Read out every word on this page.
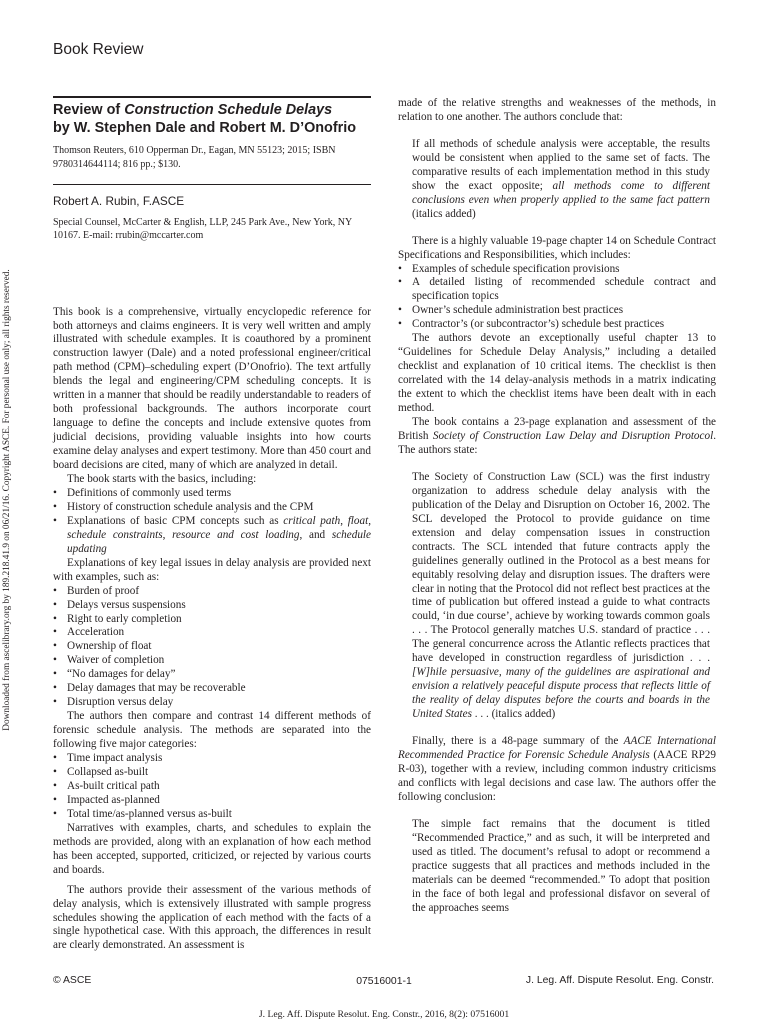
Book Review
Downloaded from ascelibrary.org by 189.218.41.9 on 06/21/16. Copyright ASCE. For personal use only; all rights reserved.
Review of Construction Schedule Delays
by W. Stephen Dale and Robert M. D’Onofrio
Thomson Reuters, 610 Opperman Dr., Eagan, MN 55123; 2015; ISBN 9780314644114; 816 pp.; $130.
Robert A. Rubin, F.ASCE
Special Counsel, McCarter & English, LLP, 245 Park Ave., New York, NY 10167. E-mail: rrubin@mccarter.com

This book is a comprehensive, virtually encyclopedic reference for both attorneys and claims engineers. It is very well written and amply illustrated with schedule examples. It is coauthored by a prominent construction lawyer (Dale) and a noted professional engineer/critical path method (CPM)–scheduling expert (D’Onofrio). The text artfully blends the legal and engineering/CPM scheduling concepts. It is written in a manner that should be readily understandable to readers of both professional backgrounds. The authors incorporate court language to define the concepts and include extensive quotes from judicial decisions, providing valuable insights into how courts examine delay analyses and expert testimony. More than 450 court and board decisions are cited, many of which are analyzed in detail.

The book starts with the basics, including:

• Definitions of commonly used terms
• History of construction schedule analysis and the CPM
• Explanations of basic CPM concepts such as critical path, float, schedule constraints, resource and cost loading, and schedule updating

Explanations of key legal issues in delay analysis are provided next with examples, such as:

• Burden of proof
• Delays versus suspensions
• Right to early completion
• Acceleration
• Ownership of float
• Waiver of completion
• “No damages for delay”
• Delay damages that may be recoverable
• Disruption versus delay

The authors then compare and contrast 14 different methods of forensic schedule analysis. The methods are separated into the following five major categories:

• Time impact analysis
• Collapsed as-built
• As-built critical path
• Impacted as-planned
• Total time/as-planned versus as-built

Narratives with examples, charts, and schedules to explain the methods are provided, along with an explanation of how each method has been accepted, supported, criticized, or rejected by various courts and boards.

The authors provide their assessment of the various methods of delay analysis, which is extensively illustrated with sample progress schedules showing the application of each method with the facts of a single hypothetical case. With this approach, the differences in result are clearly demonstrated. An assessment is

made of the relative strengths and weaknesses of the methods, in relation to one another. The authors conclude that:

If all methods of schedule analysis were acceptable, the results would be consistent when applied to the same set of facts. The comparative results of each implementation method in this study show the exact opposite; all methods come to different conclusions even when properly applied to the same fact pattern (italics added)

There is a highly valuable 19-page chapter 14 on Schedule Contract Specifications and Responsibilities, which includes:

• Examples of schedule specification provisions
• A detailed listing of recommended schedule contract and specification topics
• Owner’s schedule administration best practices
• Contractor’s (or subcontractor’s) schedule best practices

The authors devote an exceptionally useful chapter 13 to “Guidelines for Schedule Delay Analysis,” including a detailed checklist and explanation of 10 critical items. The checklist is then correlated with the 14 delay-analysis methods in a matrix indicating the extent to which the checklist items have been dealt with in each method.

The book contains a 23-page explanation and assessment of the British Society of Construction Law Delay and Disruption Protocol. The authors state:

The Society of Construction Law (SCL) was the first industry organization to address schedule delay analysis with the publication of the Delay and Disruption on October 16, 2002. The SCL developed the Protocol to provide guidance on time extension and delay compensation issues in construction contracts. The SCL intended that future contracts apply the guidelines generally outlined in the Protocol as a best means for equitably resolving delay and disruption issues. The drafters were clear in noting that the Protocol did not reflect best practices at the time of publication but offered instead a guide to what contracts could, ‘in due course’, achieve by working towards common goals . . . The Protocol generally matches U.S. standard of practice . . . The general concurrence across the Atlantic reflects practices that have developed in construction regardless of jurisdiction . . . [W]hile persuasive, many of the guidelines are aspirational and envision a relatively peaceful dispute process that reflects little of the reality of delay disputes before the courts and boards in the United States . . . (italics added)

Finally, there is a 48-page summary of the AACE International Recommended Practice for Forensic Schedule Analysis (AACE RP29 R-03), together with a review, including common industry criticisms and conflicts with legal decisions and case law. The authors offer the following conclusion:

The simple fact remains that the document is titled “Recommended Practice,” and as such, it will be interpreted and used as titled. The document’s refusal to adopt or recommend a practice suggests that all practices and methods included in the materials can be deemed “recommended.” To adopt that position in the face of both legal and professional disfavor on several of the approaches seems

© ASCE	07516001-1	J. Leg. Aff. Dispute Resolut. Eng. Constr.
J. Leg. Aff. Dispute Resolut. Eng. Constr., 2016, 8(2): 07516001
